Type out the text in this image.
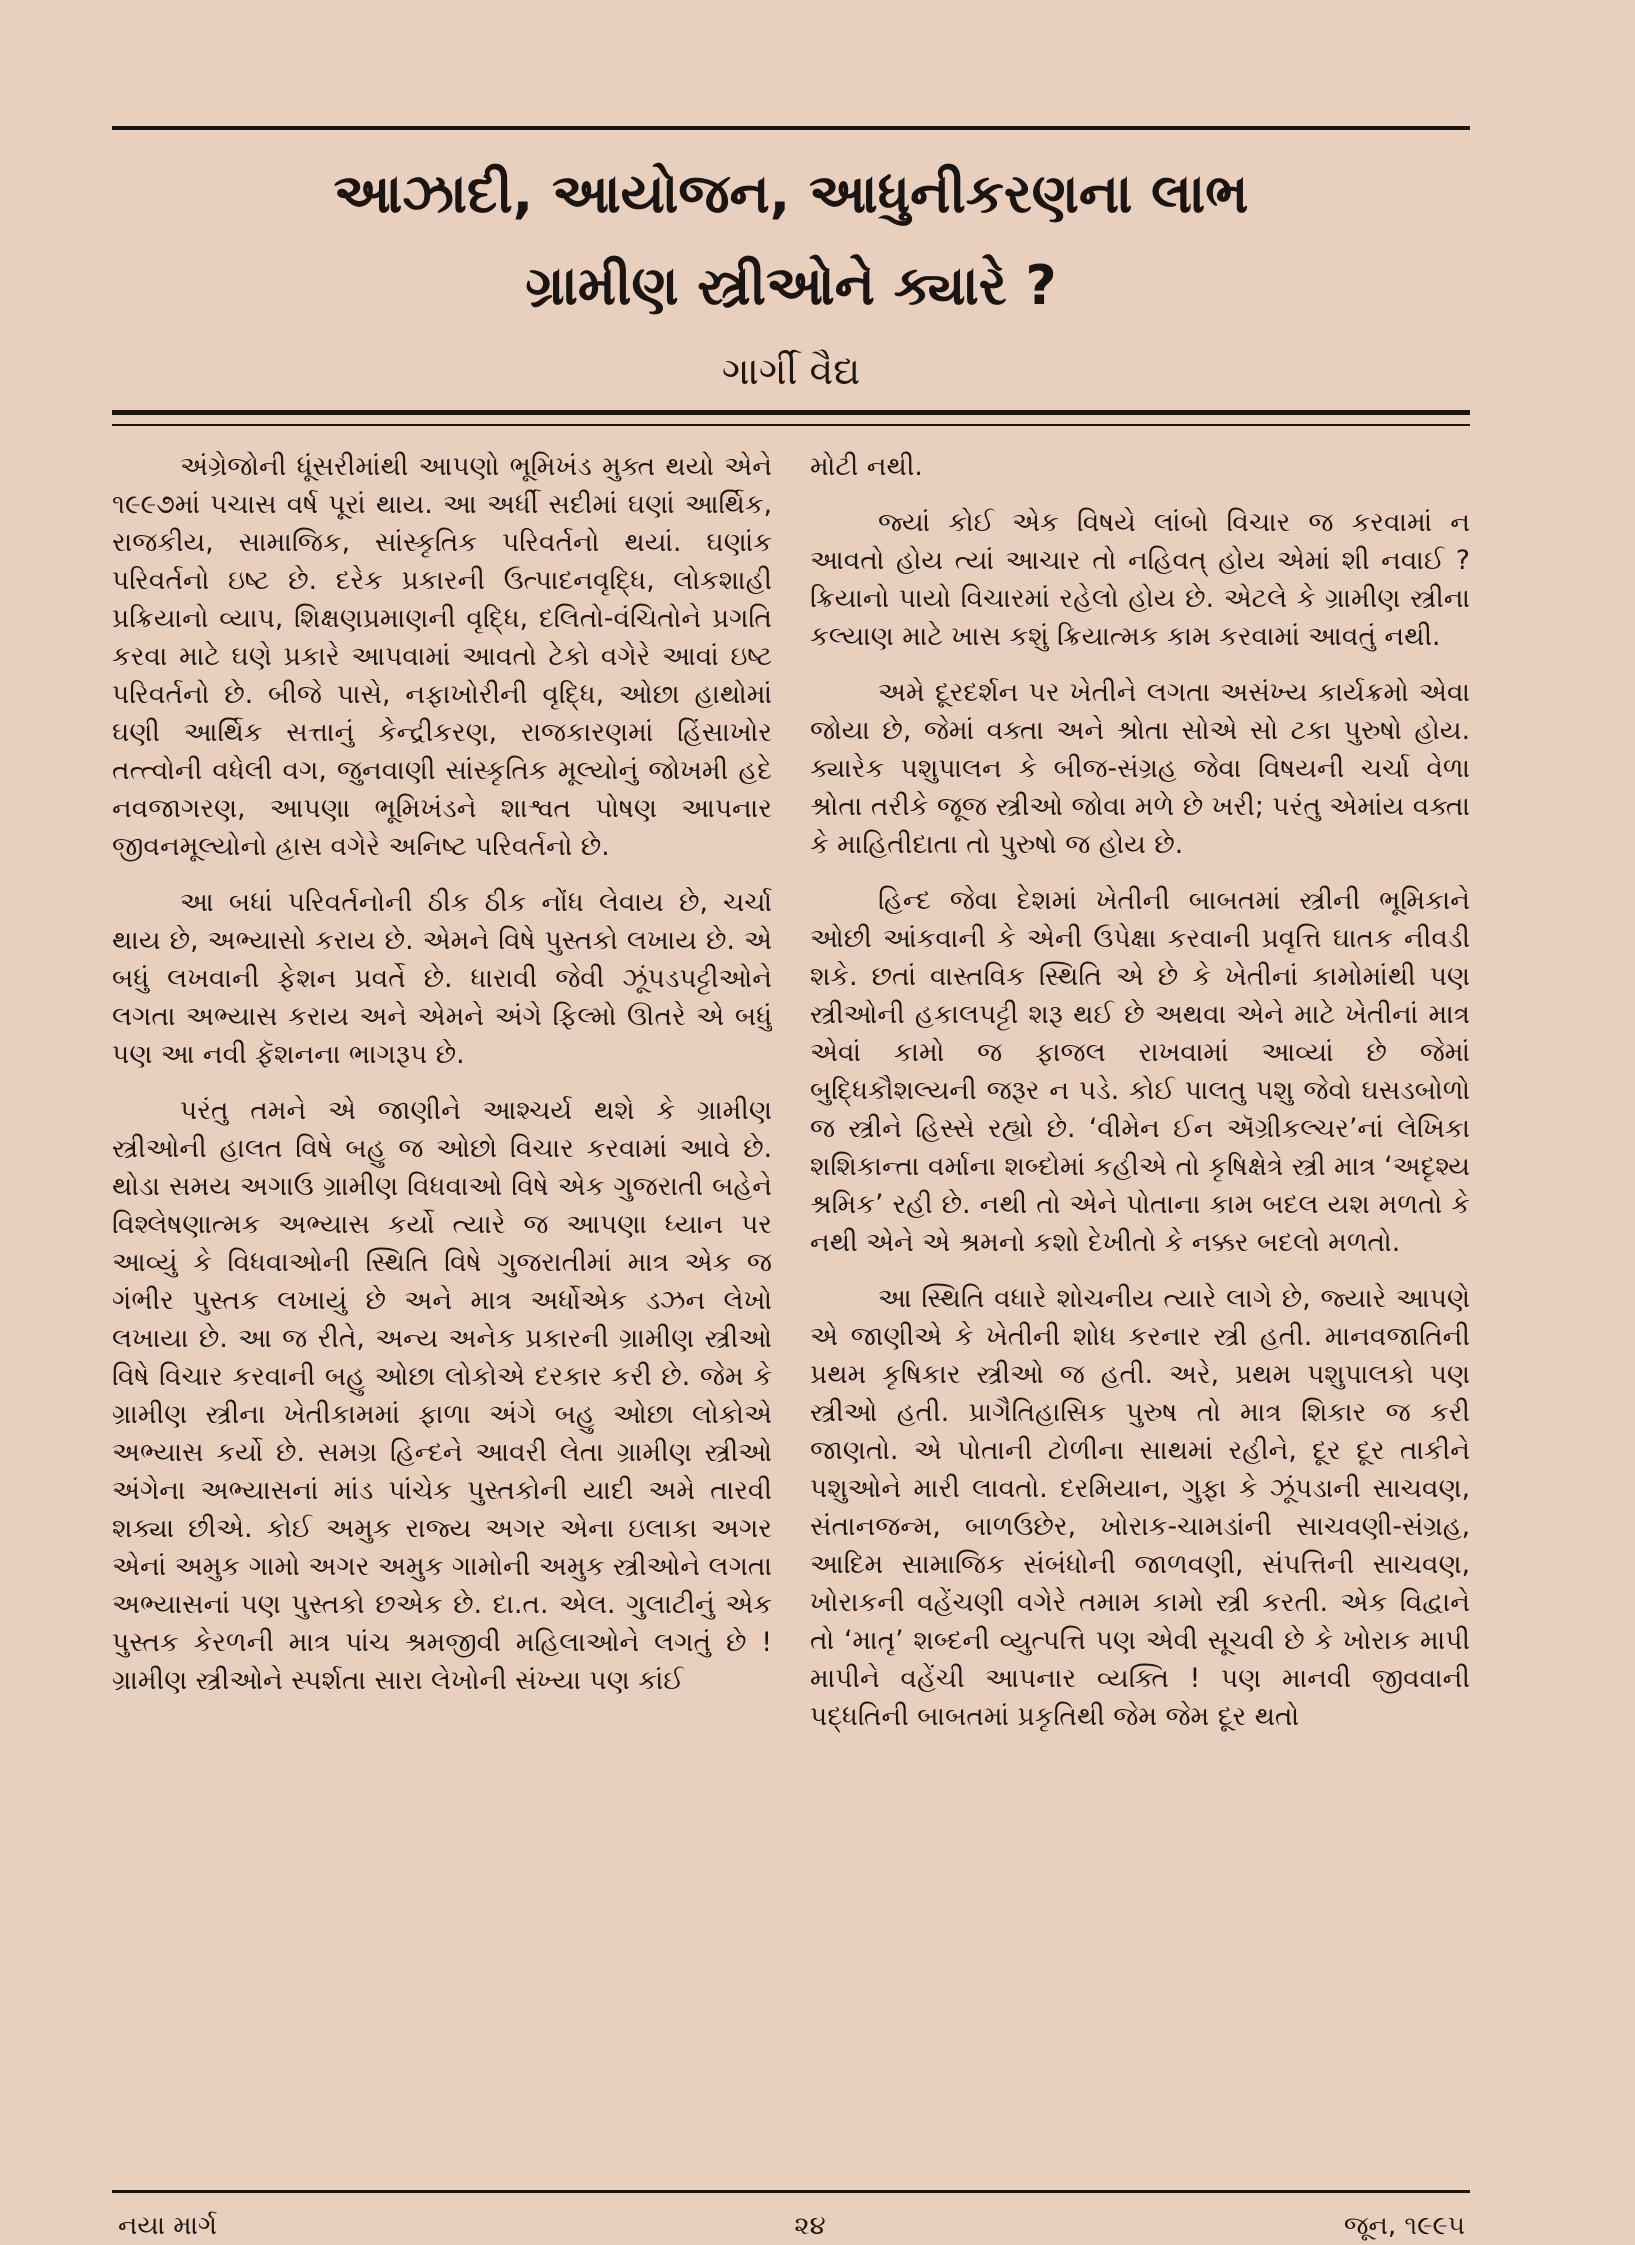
આઝાદી, આયોજન, આધુનીકરણના લાભ
ગ્રામીણ સ્ત્રીઓને ક્યારે ?
ગાર્ગી વૈદ્ય

અંગ્રેજોની ધૂંસરીમાંથી આપણો ભૂમિખંડ મુક્ત થયો એને ૧૯૯૭માં પચાસ વર્ષ પૂરાં થાય. આ અર્ધી સદીમાં ઘણાં આર્થિક, રાજકીય, સામાજિક, સાંસ્કૃતિક પરિવર્તનો થયાં. ઘણાંક પરિવર્તનો ઇષ્ટ છે. દરેક પ્રકારની ઉત્પાદનવૃદ્ધિ, લોકશાહી પ્રક્રિયાનો વ્યાપ, શિક્ષણપ્રમાણની વૃદ્ધિ, દલિતો-વંચિતોને પ્રગતિ કરવા માટે ઘણે પ્રકારે આપવામાં આવતો ટેકો વગેરે આવાં ઇષ્ટ પરિવર્તનો છે. બીજે પાસે, નફાખોરીની વૃદ્ધિ, ઓછા હાથોમાં ઘણી આર્થિક સત્તાનું કેન્દ્રીકરણ, રાજકારણમાં હિંસાખોર તત્ત્વોની વધેલી વગ, જુનવાણી સાંસ્કૃતિક મૂલ્યોનું જોખમી હદે નવજાગરણ, આપણા ભૂમિખંડને શાશ્વત પોષણ આપનાર જીવનમૂલ્યોનો હ્રાસ વગેરે અનિષ્ટ પરિવર્તનો છે.

આ બધાં પરિવર્તનોની ઠીક ઠીક નોંધ લેવાય છે, ચર્ચા થાય છે, અભ્યાસો કરાય છે. એમને વિષે પુસ્તકો લખાય છે. એ બધું લખવાની ફેશન પ્રવર્તે છે. ધારાવી જેવી ઝૂંપડપટ્ટીઓને લગતા અભ્યાસ કરાય અને એમને અંગે ફિલ્મો ઊતરે એ બધું પણ આ નવી ફૅશનના ભાગરૂપ છે.

પરંતુ તમને એ જાણીને આશ્ચર્ય થશે કે ગ્રામીણ સ્ત્રીઓની હાલત વિષે બહુ જ ઓછો વિચાર કરવામાં આવે છે. થોડા સમય અગાઉ ગ્રામીણ વિધવાઓ વિષે એક ગુજરાતી બહેને વિશ્લેષણાત્મક અભ્યાસ કર્યો ત્યારે જ આપણા ધ્યાન પર આવ્યું કે વિધવાઓની સ્થિતિ વિષે ગુજરાતીમાં માત્ર એક જ ગંભીર પુસ્તક લખાયું છે અને માત્ર અર્ધોએક ડઝન લેખો લખાયા છે. આ જ રીતે, અન્ય અનેક પ્રકારની ગ્રામીણ સ્ત્રીઓ વિષે વિચાર કરવાની બહુ ઓછા લોકોએ દરકાર કરી છે. જેમ કે ગ્રામીણ સ્ત્રીના ખેતીકામમાં ફાળા અંગે બહુ ઓછા લોકોએ અભ્યાસ કર્યો છે. સમગ્ર હિન્દને આવરી લેતા ગ્રામીણ સ્ત્રીઓ અંગેના અભ્યાસનાં માંડ પાંચેક પુસ્તકોની યાદી અમે તારવી શક્યા છીએ. કોઈ અમુક રાજ્ય અગર એના ઇલાકા અગર એનાં અમુક ગામો અગર અમુક ગામોની અમુક સ્ત્રીઓને લગતા અભ્યાસનાં પણ પુસ્તકો છએક છે. દા.ત. એલ. ગુલાટીનું એક પુસ્તક કેરળની માત્ર પાંચ શ્રમજીવી મહિલાઓને લગતું છે ! ગ્રામીણ સ્ત્રીઓને સ્પર્શતા સારા લેખોની સંખ્યા પણ કાંઈ

મોટી નથી.

જ્યાં કોઈ એક વિષયે લાંબો વિચાર જ કરવામાં ન આવતો હોય ત્યાં આચાર તો નહિવત્ હોય એમાં શી નવાઈ ? ક્રિયાનો પાયો વિચારમાં રહેલો હોય છે. એટલે કે ગ્રામીણ સ્ત્રીના કલ્યાણ માટે ખાસ કશું ક્રિયાત્મક કામ કરવામાં આવતું નથી.

અમે દૂરદર્શન પર ખેતીને લગતા અસંખ્ય કાર્યક્રમો એવા જોયા છે, જેમાં વક્તા અને શ્રોતા સોએ સો ટકા પુરુષો હોય. ક્યારેક પશુપાલન કે બીજ-સંગ્રહ જેવા વિષયની ચર્ચા વેળા શ્રોતા તરીકે જૂજ સ્ત્રીઓ જોવા મળે છે ખરી; પરંતુ એમાંય વક્તા કે માહિતીદાતા તો પુરુષો જ હોય છે.

હિન્દ જેવા દેશમાં ખેતીની બાબતમાં સ્ત્રીની ભૂમિકાને ઓછી આંકવાની કે એની ઉપેક્ષા કરવાની પ્રવૃત્તિ ઘાતક નીવડી શકે. છતાં વાસ્તવિક સ્થિતિ એ છે કે ખેતીનાં કામોમાંથી પણ સ્ત્રીઓની હકાલપટ્ટી શરૂ થઈ છે અથવા એને માટે ખેતીનાં માત્ર એવાં કામો જ ફાજલ રાખવામાં આવ્યાં છે જેમાં બુદ્ધિકૌશલ્યની જરૂર ન પડે. કોઈ પાલતુ પશુ જેવો ઘસડબોળો જ સ્ત્રીને હિસ્સે રહ્યો છે. ‘વીમેન ઈન ઍગ્રીકલ્ચર’નાં લેખિકા શશિકાન્તા વર્માના શબ્દોમાં કહીએ તો કૃષિક્ષેત્રે સ્ત્રી માત્ર ‘અદૃશ્ય શ્રમિક’ રહી છે. નથી તો એને પોતાના કામ બદલ યશ મળતો કે નથી એને એ શ્રમનો કશો દેખીતો કે નક્કર બદલો મળતો.

આ સ્થિતિ વધારે શોચનીય ત્યારે લાગે છે, જ્યારે આપણે એ જાણીએ કે ખેતીની શોધ કરનાર સ્ત્રી હતી. માનવજાતિની પ્રથમ કૃષિકાર સ્ત્રીઓ જ હતી. અરે, પ્રથમ પશુપાલકો પણ સ્ત્રીઓ હતી. પ્રાગૈતિહાસિક પુરુષ તો માત્ર શિકાર જ કરી જાણતો. એ પોતાની ટોળીના સાથમાં રહીને, દૂર દૂર તાકીને પશુઓને મારી લાવતો. દરમિયાન, ગુફા કે ઝૂંપડાની સાચવણ, સંતાનજન્મ, બાળઉછેર, ખોરાક-ચામડાંની સાચવણી-સંગ્રહ, આદિમ સામાજિક સંબંધોની જાળવણી, સંપત્તિની સાચવણ, ખોરાકની વહેંચણી વગેરે તમામ કામો સ્ત્રી કરતી. એક વિદ્વાને તો ‘માતૃ’ શબ્દની વ્યુત્પત્તિ પણ એવી સૂચવી છે કે ખોરાક માપી માપીને વહેંચી આપનાર વ્યક્તિ ! પણ માનવી જીવવાની પદ્ધતિની બાબતમાં પ્રકૃતિથી જેમ જેમ દૂર થતો

નયા માર્ગ	૨૪	જૂન, ૧૯૯૫
